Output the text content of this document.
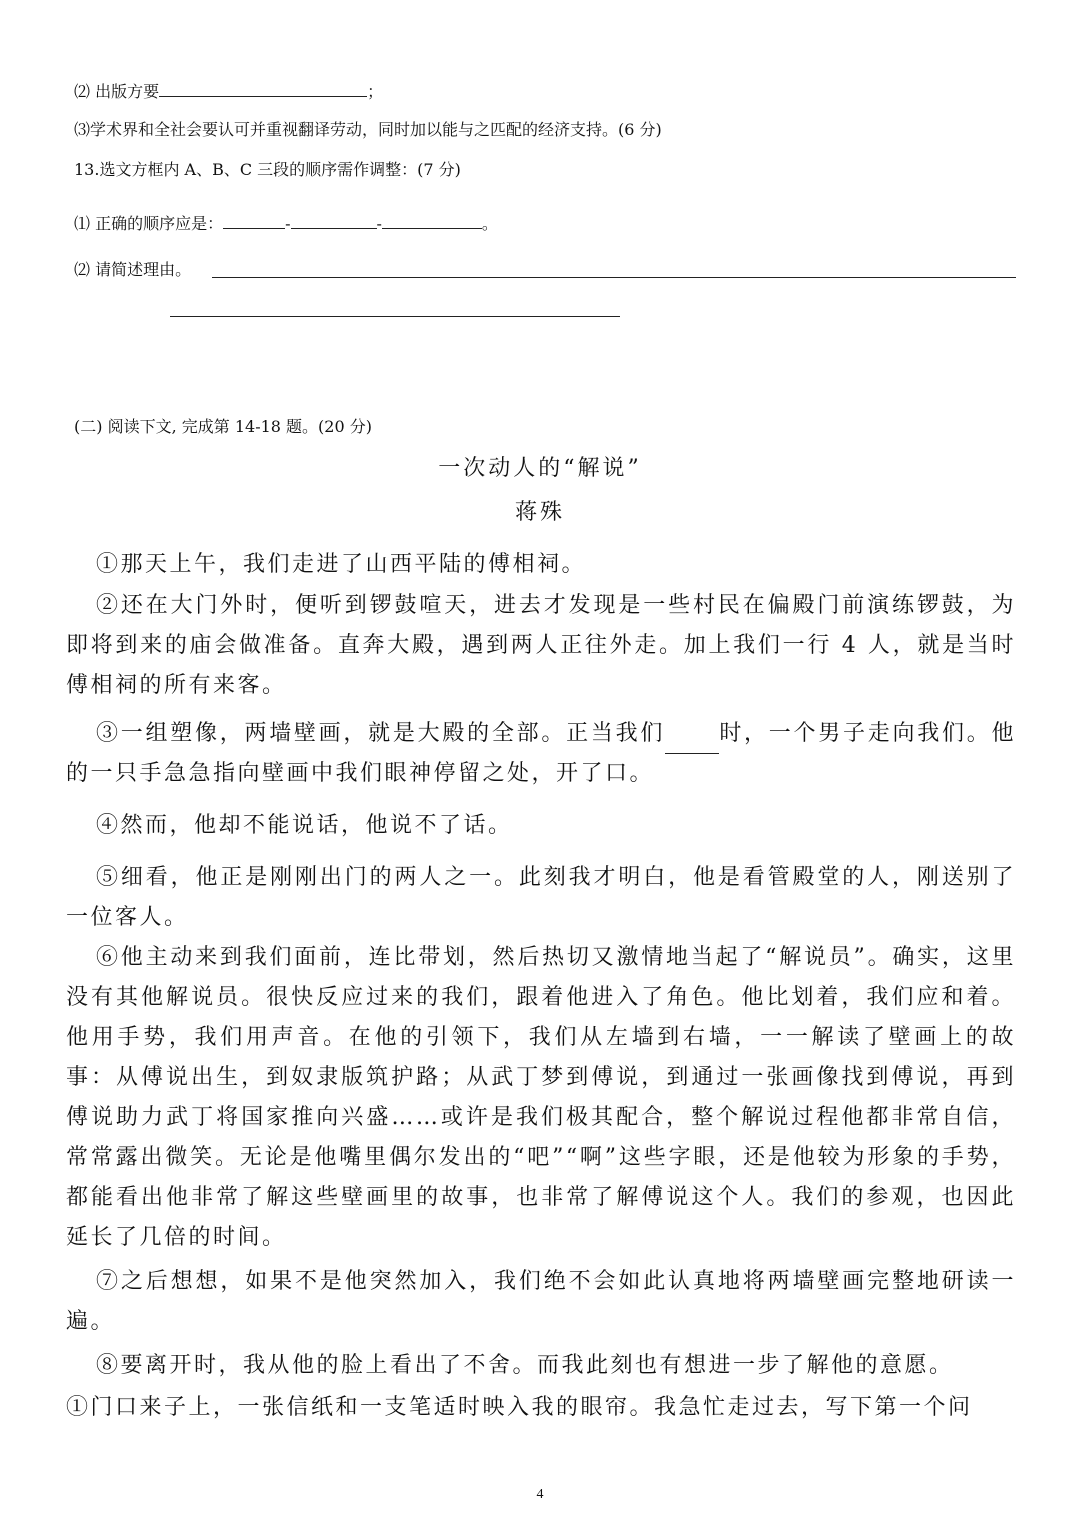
⑵ 出版方要	；
⑶学术界和全社会要认可并重视翻译劳动，同时加以能与之匹配的经济支持。(6 分)
13.选文方框内 A、B、C 三段的顺序需作调整：(7 分)
⑴ 正确的顺序应是：	-	-	。
⑵ 请简述理由。
(二) 阅读下文, 完成第 14-18 题。(20 分)
一次动人的“解说”
蒋殊
①那天上午，我们走进了山西平陆的傅相祠。
②还在大门外时，便听到锣鼓喧天，进去才发现是一些村民在偏殿门前演练锣鼓，为即将到来的庙会做准备。直奔大殿，遇到两人正往外走。加上我们一行 4 人，就是当时傅相祠的所有来客。
③一组塑像，两墙壁画，就是大殿的全部。正当我们 时，一个男子走向我们。他的一只手急急指向壁画中我们眼神停留之处，开了口。
④然而，他却不能说话，他说不了话。
⑤细看，他正是刚刚出门的两人之一。此刻我才明白，他是看管殿堂的人，刚送别了一位客人。
⑥他主动来到我们面前，连比带划，然后热切又激情地当起了“解说员”。确实，这里没有其他解说员。很快反应过来的我们，跟着他进入了角色。他比划着，我们应和着。他用手势，我们用声音。在他的引领下，我们从左墙到右墙，一一解读了壁画上的故事：从傅说出生，到奴隶版筑护路；从武丁梦到傅说，到通过一张画像找到傅说，再到傅说助力武丁将国家推向兴盛……或许是我们极其配合，整个解说过程他都非常自信，常常露出微笑。无论是他嘴里偶尔发出的“吧”“啊”这些字眼，还是他较为形象的手势，都能看出他非常了解这些壁画里的故事，也非常了解傅说这个人。我们的参观，也因此延长了几倍的时间。
⑦之后想想，如果不是他突然加入，我们绝不会如此认真地将两墙壁画完整地研读一遍。
⑧要离开时，我从他的脸上看出了不舍。而我此刻也有想进一步了解他的意愿。
①门口来子上，一张信纸和一支笔适时映入我的眼帘。我急忙走过去，写下第一个问
4
